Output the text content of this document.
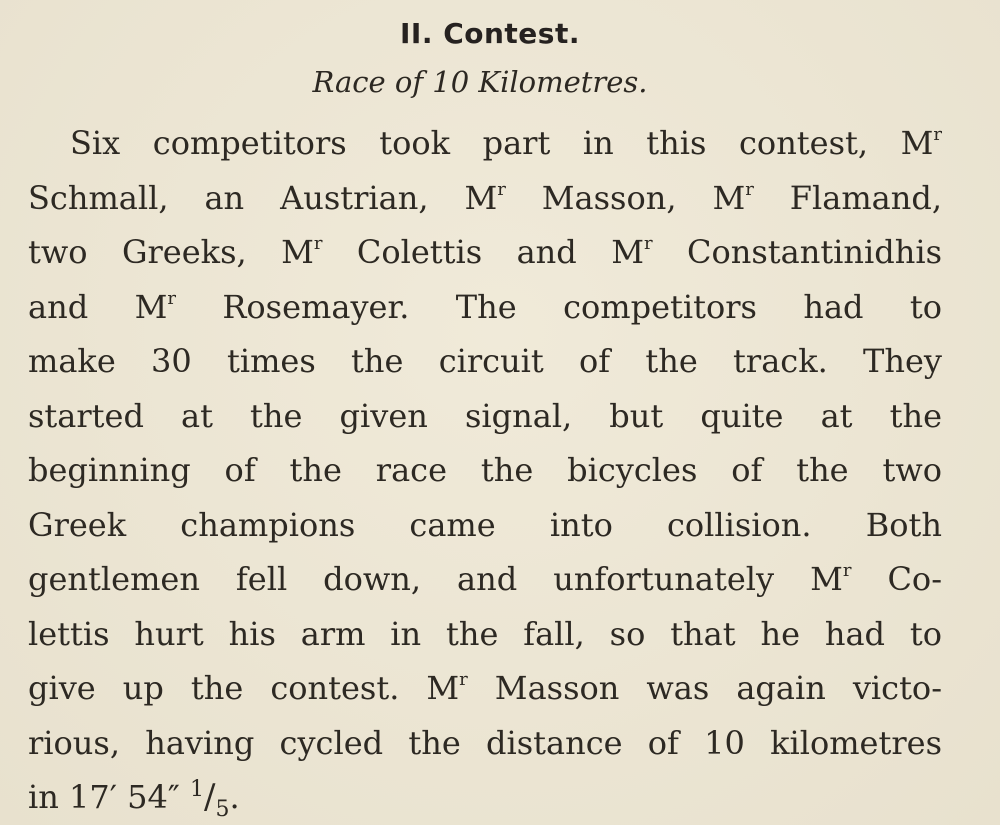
II. Contest.
Race of 10 Kilometres.
Six competitors took part in this contest, $M^r$
Schmall, an Austrian, $M^r$ Masson, $M^r$ Flamand,
two Greeks, $M^r$ Colettis and $M^r$ Constantinidhis
and $M^r$ Rosemayer. The competitors had to
make 30 times the circuit of the track. They
started at the given signal, but quite at the
beginning of the race the bicycles of the two
Greek champions came into collision. Both
gentlemen fell down, and unfortunately $M^r$ Co-
lettis hurt his arm in the fall, so that he had to
give up the contest. $M^r$ Masson was again victo-
rious, having cycled the distance of 10 kilometres
in 17′ 54″ $^1/_5$.
